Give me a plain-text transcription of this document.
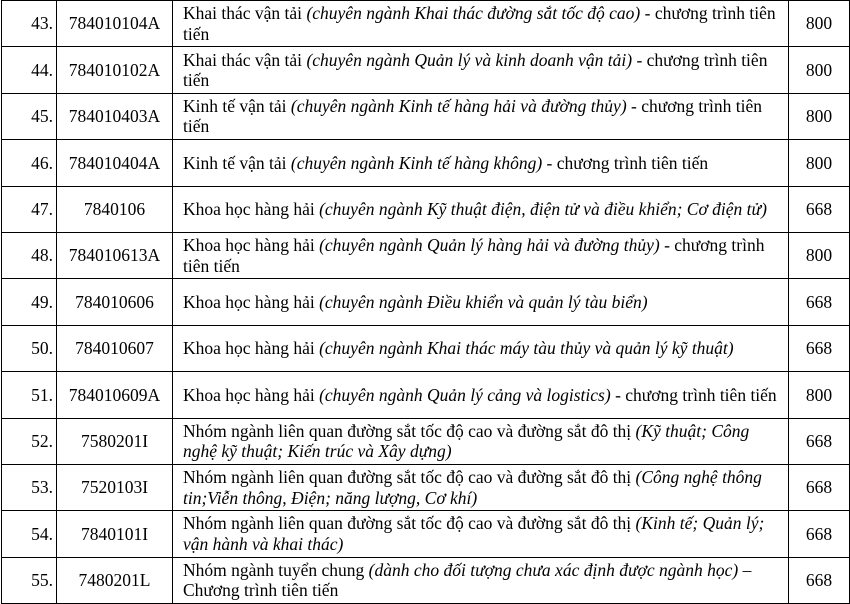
43.	784010104A	Khai thác vận tải (chuyên ngành Khai thác đường sắt tốc độ cao) - chương trình tiên tiến	800
44.	784010102A	Khai thác vận tải (chuyên ngành Quản lý và kinh doanh vận tải) - chương trình tiên tiến	800
45.	784010403A	Kinh tế vận tải (chuyên ngành Kinh tế hàng hải và đường thủy) - chương trình tiên tiến	800
46.	784010404A	Kinh tế vận tải (chuyên ngành Kinh tế hàng không) - chương trình tiên tiến	800
47.	7840106	Khoa học hàng hải (chuyên ngành Kỹ thuật điện, điện tử và điều khiển; Cơ điện tử)	668
48.	784010613A	Khoa học hàng hải (chuyên ngành Quản lý hàng hải và đường thủy) - chương trình tiên tiến	800
49.	784010606	Khoa học hàng hải (chuyên ngành Điều khiển và quản lý tàu biển)	668
50.	784010607	Khoa học hàng hải (chuyên ngành Khai thác máy tàu thủy và quản lý kỹ thuật)	668
51.	784010609A	Khoa học hàng hải (chuyên ngành Quản lý cảng và logistics) - chương trình tiên tiến	800
52.	7580201I	Nhóm ngành liên quan đường sắt tốc độ cao và đường sắt đô thị (Kỹ thuật; Công nghệ kỹ thuật; Kiến trúc và Xây dựng)	668
53.	7520103I	Nhóm ngành liên quan đường sắt tốc độ cao và đường sắt đô thị (Công nghệ thông tin;Viễn thông, Điện; năng lượng, Cơ khí)	668
54.	7840101I	Nhóm ngành liên quan đường sắt tốc độ cao và đường sắt đô thị (Kinh tế; Quản lý; vận hành và khai thác)	668
55.	7480201L	Nhóm ngành tuyển chung (dành cho đối tượng chưa xác định được ngành học) – Chương trình tiên tiến	668
